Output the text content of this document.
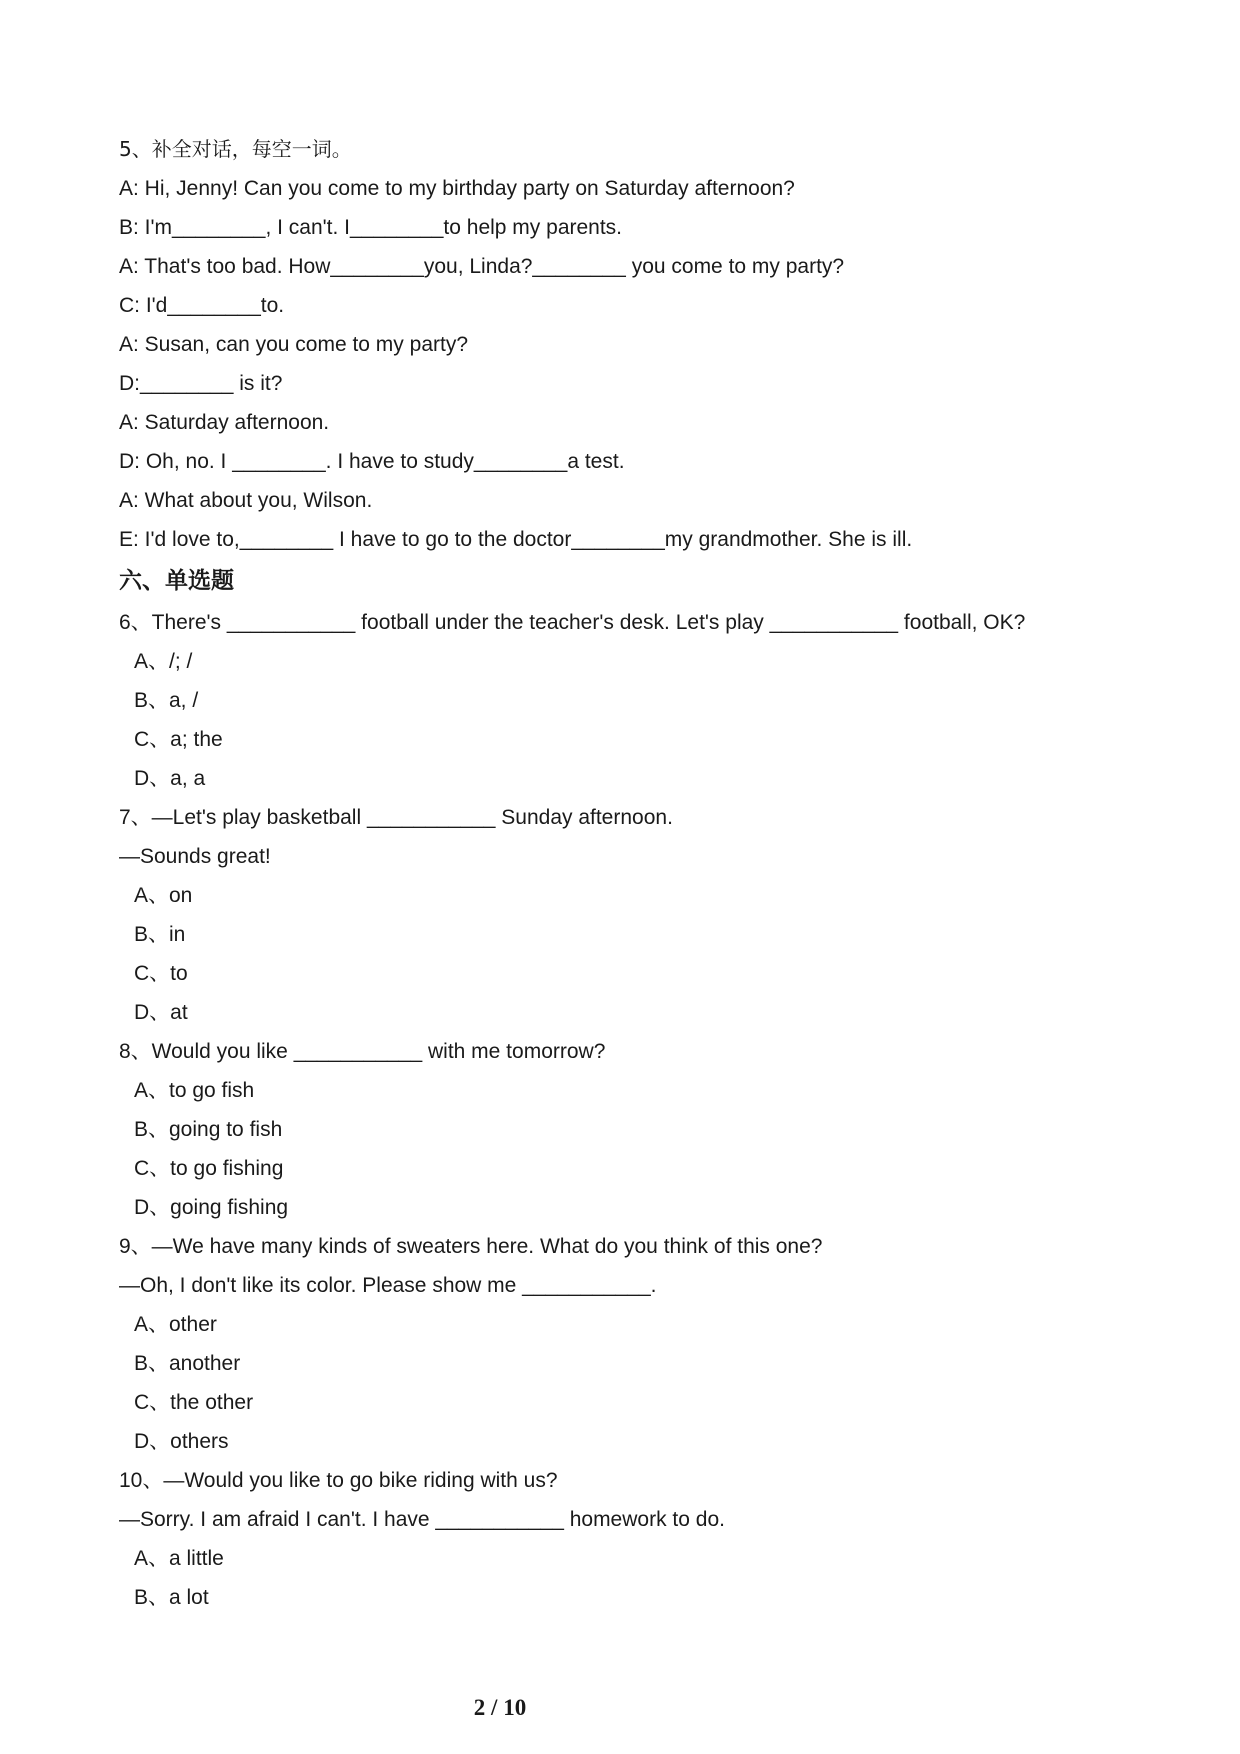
5、补全对话，每空一词。
A: Hi, Jenny! Can you come to my birthday party on Saturday afternoon?
B: I'm________, I can't. I________to help my parents.
A: That's too bad. How________you, Linda?________ you come to my party?
C: I'd________to.
A: Susan, can you come to my party?
D:________ is it?
A: Saturday afternoon.
D: Oh, no. I ________. I have to study________a test.
A: What about you, Wilson.
E: I'd love to,________ I have to go to the doctor________my grandmother. She is ill.
六、单选题
6、There's ___________ football under the teacher's desk. Let's play ___________ football, OK?
A、/; /
B、a, /
C、a; the
D、a, a
7、—Let's play basketball ___________ Sunday afternoon.
—Sounds great!
A、on
B、in
C、to
D、at
8、Would you like ___________ with me tomorrow?
A、to go fish
B、going to fish
C、to go fishing
D、going fishing
9、—We have many kinds of sweaters here. What do you think of this one?
—Oh, I don't like its color. Please show me ___________.
A、other
B、another
C、the other
D、others
10、—Would you like to go bike riding with us?
—Sorry. I am afraid I can't. I have ___________ homework to do.
A、a little
B、a lot
2 / 10
